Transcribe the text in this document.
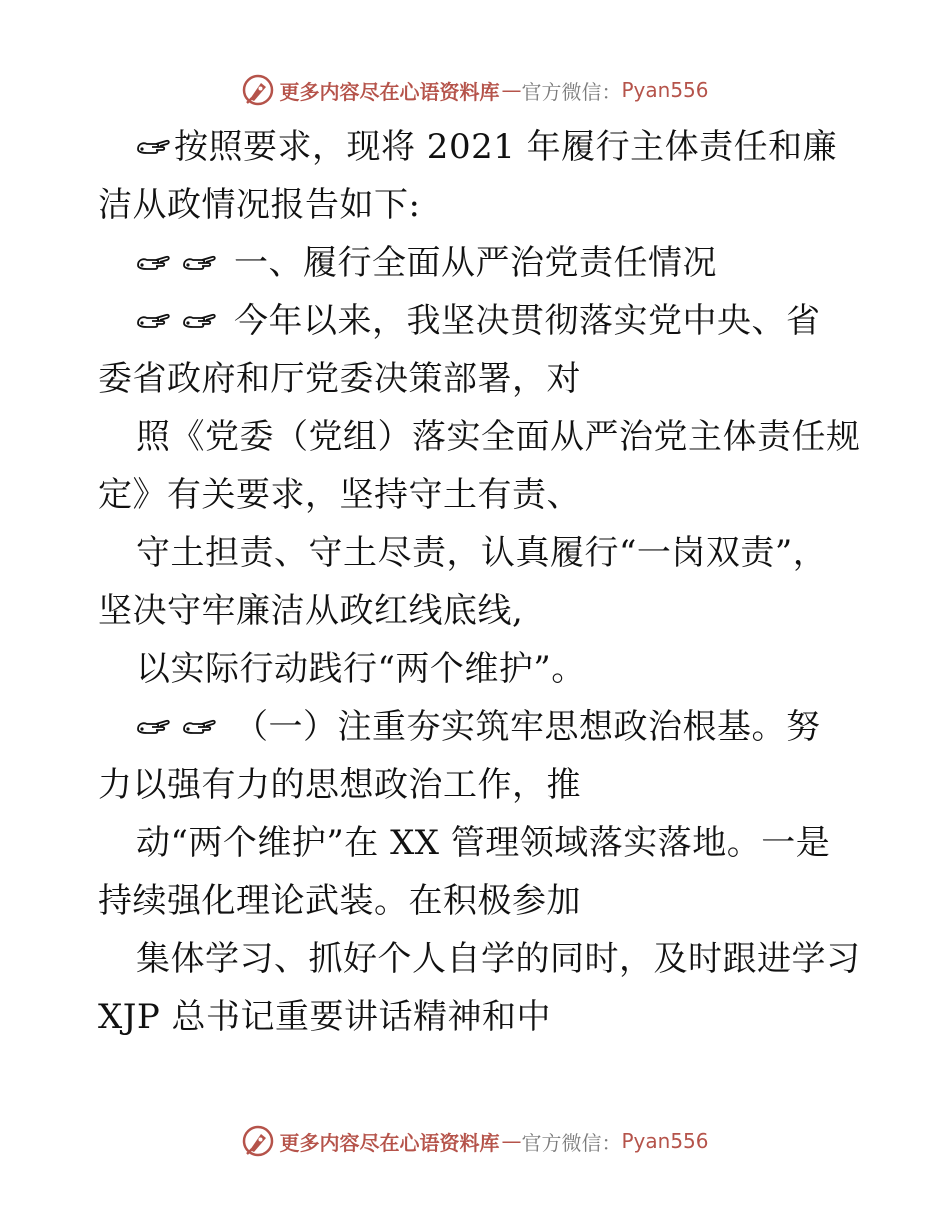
更多内容尽在心语资料库 — 官方微信 ： Pyan556
按照要求，现将 2021 年履行主体责任和廉
洁从政情况报告如下:
一、履行全面从严治党责任情况
今年以来，我坚决贯彻落实党中央、省
委省政府和厅党委决策部署，对
照《党委（党组）落实全面从严治党主体责任规
定》有关要求，坚持守土有责、
守土担责、守土尽责，认真履行“一岗双责”，
坚决守牢廉洁从政红线底线,
以实际行动践行“两个维护”。
（一）注重夯实筑牢思想政治根基。努
力以强有力的思想政治工作，推
动“两个维护”在 XX 管理领域落实落地。一是
持续强化理论武装。在积极参加
集体学习、抓好个人自学的同时，及时跟进学习
XJP 总书记重要讲话精神和中
更多内容尽在心语资料库 — 官方微信 ： Pyan556
